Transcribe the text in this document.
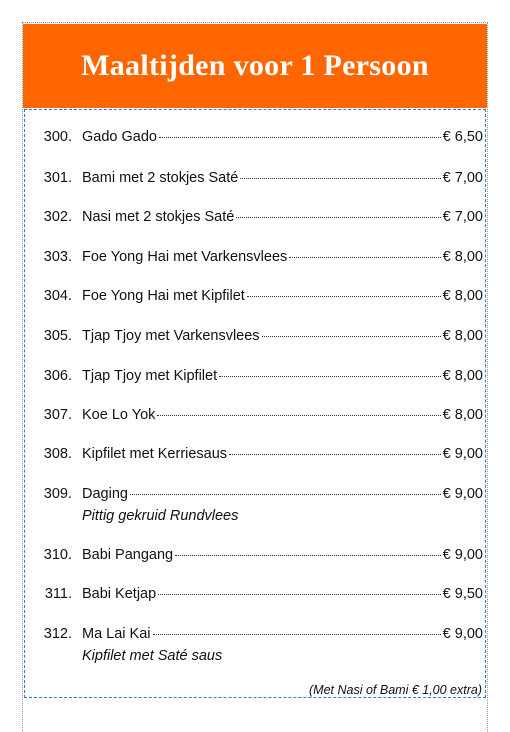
Maaltijden voor 1 Persoon
300. Gado Gado	€ 6,50
301. Bami met 2 stokjes Saté	€ 7,00
302. Nasi met 2 stokjes Saté	€ 7,00
303. Foe Yong Hai met Varkensvlees	€ 8,00
304. Foe Yong Hai met Kipfilet	€ 8,00
305. Tjap Tjoy met Varkensvlees	€ 8,00
306. Tjap Tjoy met Kipfilet	€ 8,00
307. Koe Lo Yok	€ 8,00
308. Kipfilet met Kerriesaus	€ 9,00
309. Daging	€ 9,00
Pittig gekruid Rundvlees
310. Babi Pangang	€ 9,00
311. Babi Ketjap	€ 9,50
312. Ma Lai Kai	€ 9,00
Kipfilet met Saté saus
(Met Nasi of Bami € 1,00 extra)
